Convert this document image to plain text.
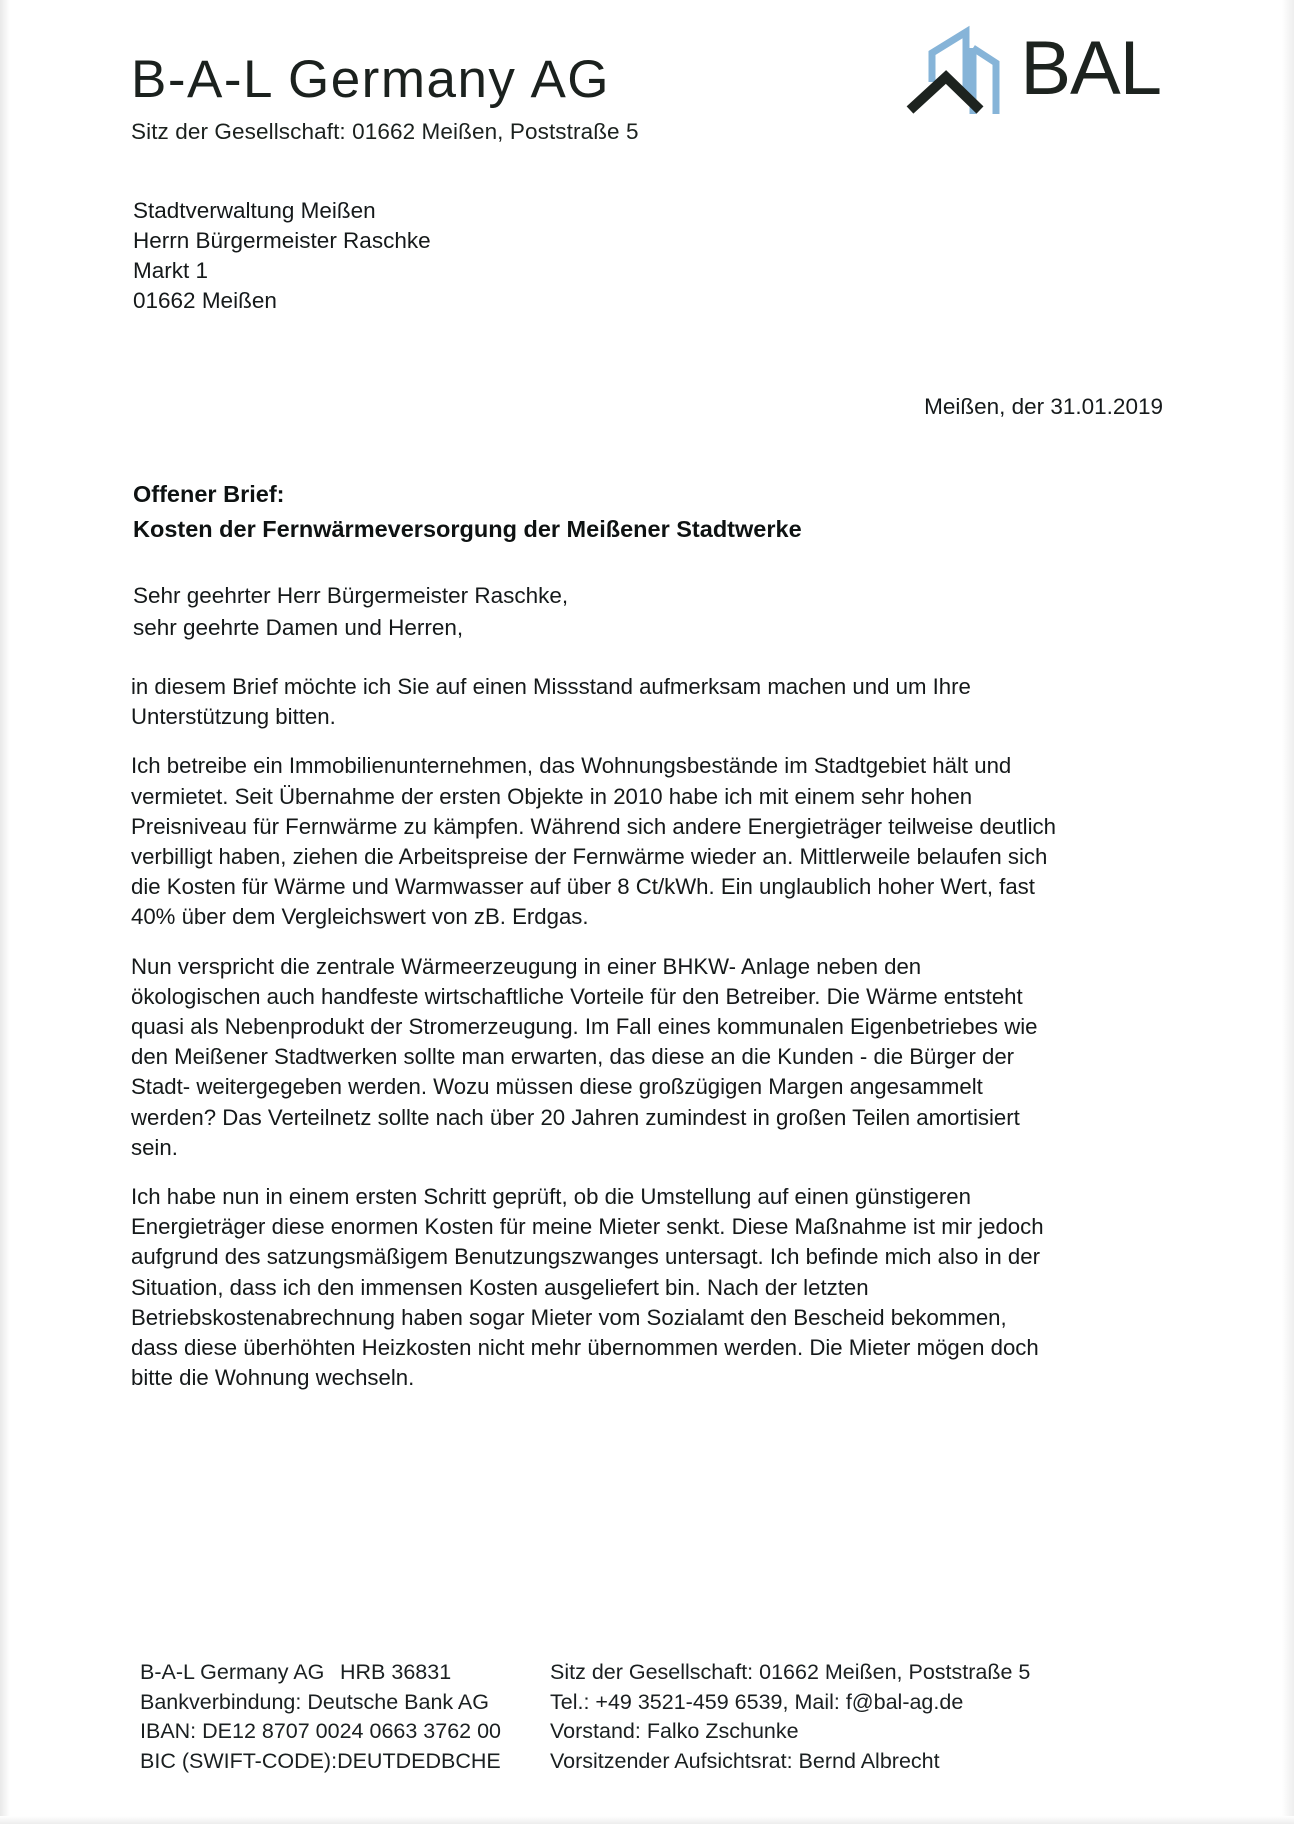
B-A-L Germany AG
Sitz der Gesellschaft: 01662 Meißen, Poststraße 5
BAL
Stadtverwaltung Meißen
Herrn Bürgermeister Raschke
Markt 1
01662 Meißen
Meißen, der 31.01.2019
Offener Brief:
Kosten der Fernwärmeversorgung der Meißener Stadtwerke
Sehr geehrter Herr Bürgermeister Raschke,
sehr geehrte Damen und Herren,

in diesem Brief möchte ich Sie auf einen Missstand aufmerksam machen und um Ihre Unterstützung bitten.

Ich betreibe ein Immobilienunternehmen, das Wohnungsbestände im Stadtgebiet hält und vermietet. Seit Übernahme der ersten Objekte in 2010 habe ich mit einem sehr hohen Preisniveau für Fernwärme zu kämpfen. Während sich andere Energieträger teilweise deutlich verbilligt haben, ziehen die Arbeitspreise der Fernwärme wieder an. Mittlerweile belaufen sich die Kosten für Wärme und Warmwasser auf über 8 Ct/kWh. Ein unglaublich hoher Wert, fast 40% über dem Vergleichswert von zB. Erdgas.

Nun verspricht die zentrale Wärmeerzeugung in einer BHKW- Anlage neben den ökologischen auch handfeste wirtschaftliche Vorteile für den Betreiber. Die Wärme entsteht quasi als Nebenprodukt der Stromerzeugung. Im Fall eines kommunalen Eigenbetriebes wie den Meißener Stadtwerken sollte man erwarten, das diese an die Kunden - die Bürger der Stadt- weitergegeben werden. Wozu müssen diese großzügigen Margen angesammelt werden? Das Verteilnetz sollte nach über 20 Jahren zumindest in großen Teilen amortisiert sein.

Ich habe nun in einem ersten Schritt geprüft, ob die Umstellung auf einen günstigeren Energieträger diese enormen Kosten für meine Mieter senkt. Diese Maßnahme ist mir jedoch aufgrund des satzungsmäßigem Benutzungszwanges untersagt. Ich befinde mich also in der Situation, dass ich den immensen Kosten ausgeliefert bin. Nach der letzten Betriebskostenabrechnung haben sogar Mieter vom Sozialamt den Bescheid bekommen, dass diese überhöhten Heizkosten nicht mehr übernommen werden. Die Mieter mögen doch bitte die Wohnung wechseln.

B-A-L Germany AG HRB 36831
Bankverbindung: Deutsche Bank AG
IBAN: DE12 8707 0024 0663 3762 00
BIC (SWIFT-CODE):DEUTDEDBCHE
Sitz der Gesellschaft: 01662 Meißen, Poststraße 5
Tel.: +49 3521-459 6539, Mail: f@bal-ag.de
Vorstand: Falko Zschunke
Vorsitzender Aufsichtsrat: Bernd Albrecht
